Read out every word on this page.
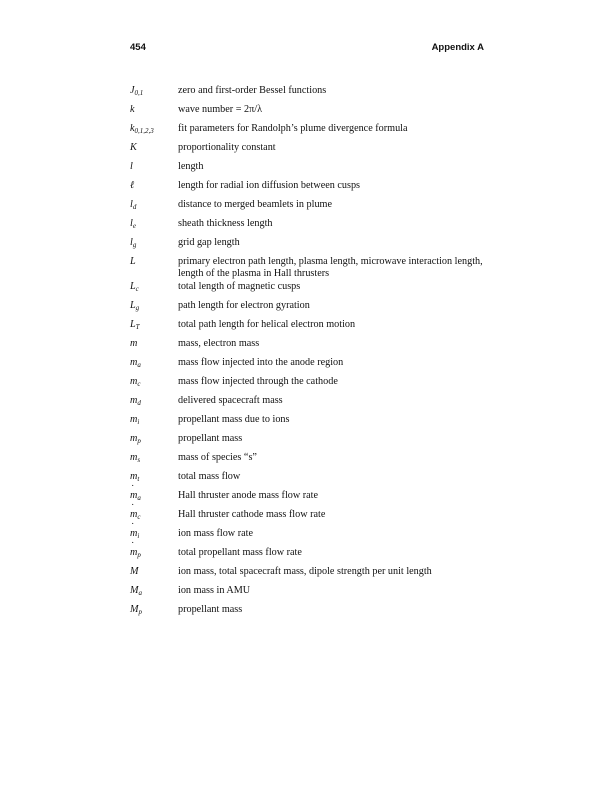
454	Appendix A
$J_{0,1}$	zero and first-order Bessel functions
k	wave number = 2π/λ
$k_{0,1,2,3}$	fit parameters for Randolph’s plume divergence formula
K	proportionality constant
l	length
ℓ	length for radial ion diffusion between cusps
$l_d$	distance to merged beamlets in plume
$l_e$	sheath thickness length
$l_g$	grid gap length
L	primary electron path length, plasma length, microwave interaction length, length of the plasma in Hall thrusters
$L_c$	total length of magnetic cusps
$L_g$	path length for electron gyration
$L_T$	total path length for helical electron motion
m	mass, electron mass
$m_a$	mass flow injected into the anode region
$m_c$	mass flow injected through the cathode
$m_d$	delivered spacecraft mass
$m_i$	propellant mass due to ions
$m_p$	propellant mass
$m_s$	mass of species “s”
$m_t$	total mass flow
˙ $m_a$	Hall thruster anode mass flow rate
˙ $m_c$	Hall thruster cathode mass flow rate
˙ $m_i$	ion mass flow rate
˙ $m_p$	total propellant mass flow rate
M	ion mass, total spacecraft mass, dipole strength per unit length
$M_a$	ion mass in AMU
$M_p$	propellant mass
